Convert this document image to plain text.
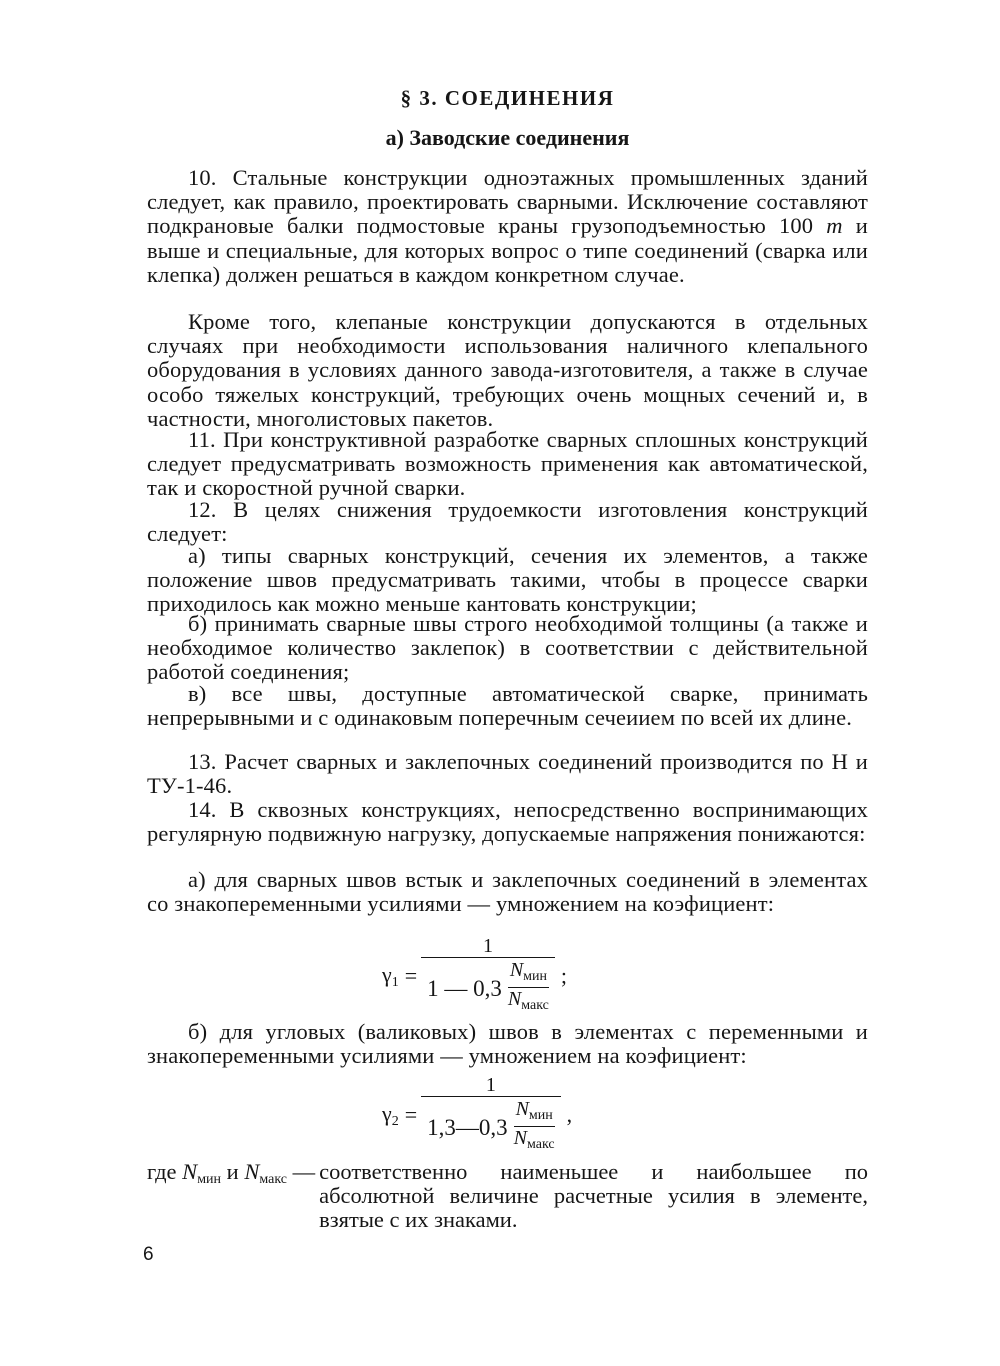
§ 3. СОЕДИНЕНИЯ
а) Заводские соединения

10. Стальные конструкции одноэтажных промышленных зданий следует, как правило, проектировать сварными. Исключение составляют подкрановые балки подмостовые краны грузоподъемностью 100 т и выше и специальные, для которых вопрос о типе соединений (сварка или клепка) должен решаться в каждом конкретном случае.

Кроме того, клепаные конструкции допускаются в отдельных случаях при необходимости использования наличного клепального оборудования в условиях данного завода-изготовителя, а также в случае особо тяжелых конструкций, требующих очень мощных сечений и, в частности, многолистовых пакетов.

11. При конструктивной разработке сварных сплошных конструкций следует предусматривать возможность применения как автоматической, так и скоростной ручной сварки.

12. В целях снижения трудоемкости изготовления конструкций следует:

а) типы сварных конструкций, сечения их элементов, а также положение швов предусматривать такими, чтобы в процессе сварки приходилось как можно меньше кантовать конструкции;

б) принимать сварные швы строго необходимой толщины (а также и необходимое количество заклепок) в соответствии с действительной работой соединения;

в) все швы, доступные автоматической сварке, принимать непрерывными и с одинаковым поперечным сечеиием по всей их длине.

13. Расчет сварных и заклепочных соединений производится по Н и ТУ-1-46.

14. В сквозных конструкциях, непосредственно воспринимающих регулярную подвижную нагрузку, допускаемые напряжения понижаются:

а) для сварных швов встык и заклепочных соединений в элементах со знакопеременными усилиями — умножением на коэфициент:

$\gamma_1 = \frac{1}{1 — 0,3 \frac{N_{мин}}{N_{макс}}}$ ;

б) для угловых (валиковых) швов в элементах с переменными и знакопеременными усилиями — умножением на коэфициент:

$\gamma_2 = \frac{1}{1,3—0,3 \frac{N_{мин}}{N_{макс}}}$ ,
где $N_{мин}$ и $N_{макс}$ — соответственно наименьшее и наибольшее по абсолютной величине расчетные усилия в элементе, взятые с их знаками.
6
